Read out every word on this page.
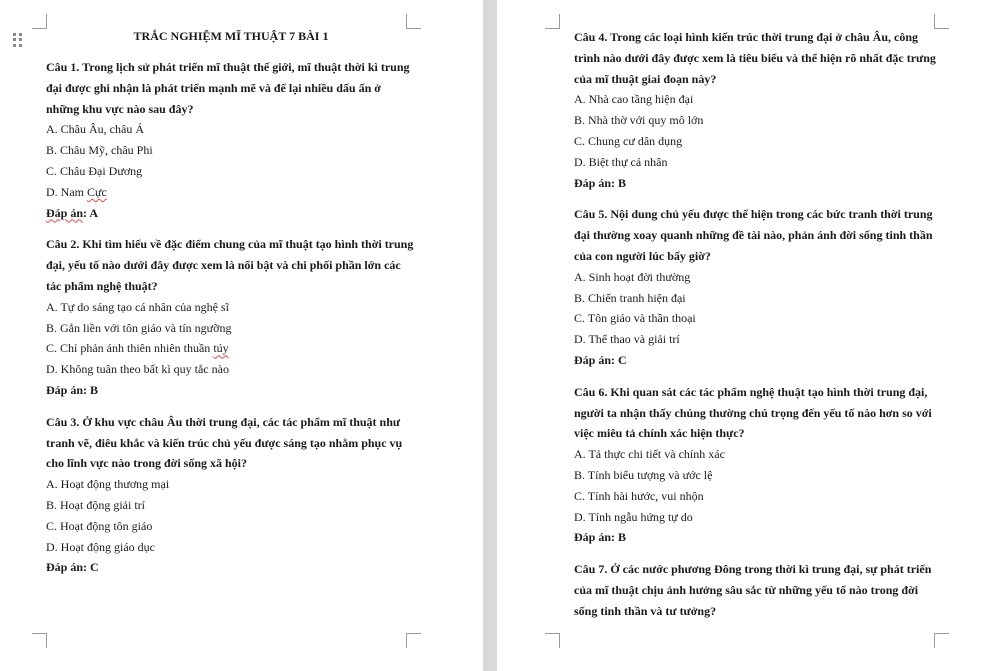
TRẮC NGHIỆM MĨ THUẬT 7 BÀI 1

Câu 1. Trong lịch sử phát triển mĩ thuật thế giới, mĩ thuật thời kì trung đại được ghi nhận là phát triển mạnh mẽ và để lại nhiều dấu ấn ở những khu vực nào sau đây?

A. Châu Âu, châu Á

B. Châu Mỹ, châu Phi

C. Châu Đại Dương

D. Nam Cực

Đáp án: A

Câu 2. Khi tìm hiểu về đặc điểm chung của mĩ thuật tạo hình thời trung đại, yếu tố nào dưới đây được xem là nổi bật và chi phối phần lớn các tác phẩm nghệ thuật?

A. Tự do sáng tạo cá nhân của nghệ sĩ

B. Gắn liền với tôn giáo và tín ngưỡng

C. Chỉ phản ánh thiên nhiên thuần túy

D. Không tuân theo bất kì quy tắc nào

Đáp án: B

Câu 3. Ở khu vực châu Âu thời trung đại, các tác phẩm mĩ thuật như tranh vẽ, điêu khắc và kiến trúc chủ yếu được sáng tạo nhằm phục vụ cho lĩnh vực nào trong đời sống xã hội?

A. Hoạt động thương mại

B. Hoạt động giải trí

C. Hoạt động tôn giáo

D. Hoạt động giáo dục

Đáp án: C

Câu 4. Trong các loại hình kiến trúc thời trung đại ở châu Âu, công trình nào dưới đây được xem là tiêu biểu và thể hiện rõ nhất đặc trưng của mĩ thuật giai đoạn này?

A. Nhà cao tầng hiện đại

B. Nhà thờ với quy mô lớn

C. Chung cư dân dụng

D. Biệt thự cá nhân

Đáp án: B

Câu 5. Nội dung chủ yếu được thể hiện trong các bức tranh thời trung đại thường xoay quanh những đề tài nào, phản ánh đời sống tinh thần của con người lúc bấy giờ?

A. Sinh hoạt đời thường

B. Chiến tranh hiện đại

C. Tôn giáo và thần thoại

D. Thể thao và giải trí

Đáp án: C

Câu 6. Khi quan sát các tác phẩm nghệ thuật tạo hình thời trung đại, người ta nhận thấy chúng thường chú trọng đến yếu tố nào hơn so với việc miêu tả chính xác hiện thực?

A. Tả thực chi tiết và chính xác

B. Tính biểu tượng và ước lệ

C. Tính hài hước, vui nhộn

D. Tính ngẫu hứng tự do

Đáp án: B

Câu 7. Ở các nước phương Đông trong thời kì trung đại, sự phát triển của mĩ thuật chịu ảnh hưởng sâu sắc từ những yếu tố nào trong đời sống tinh thần và tư tưởng?
